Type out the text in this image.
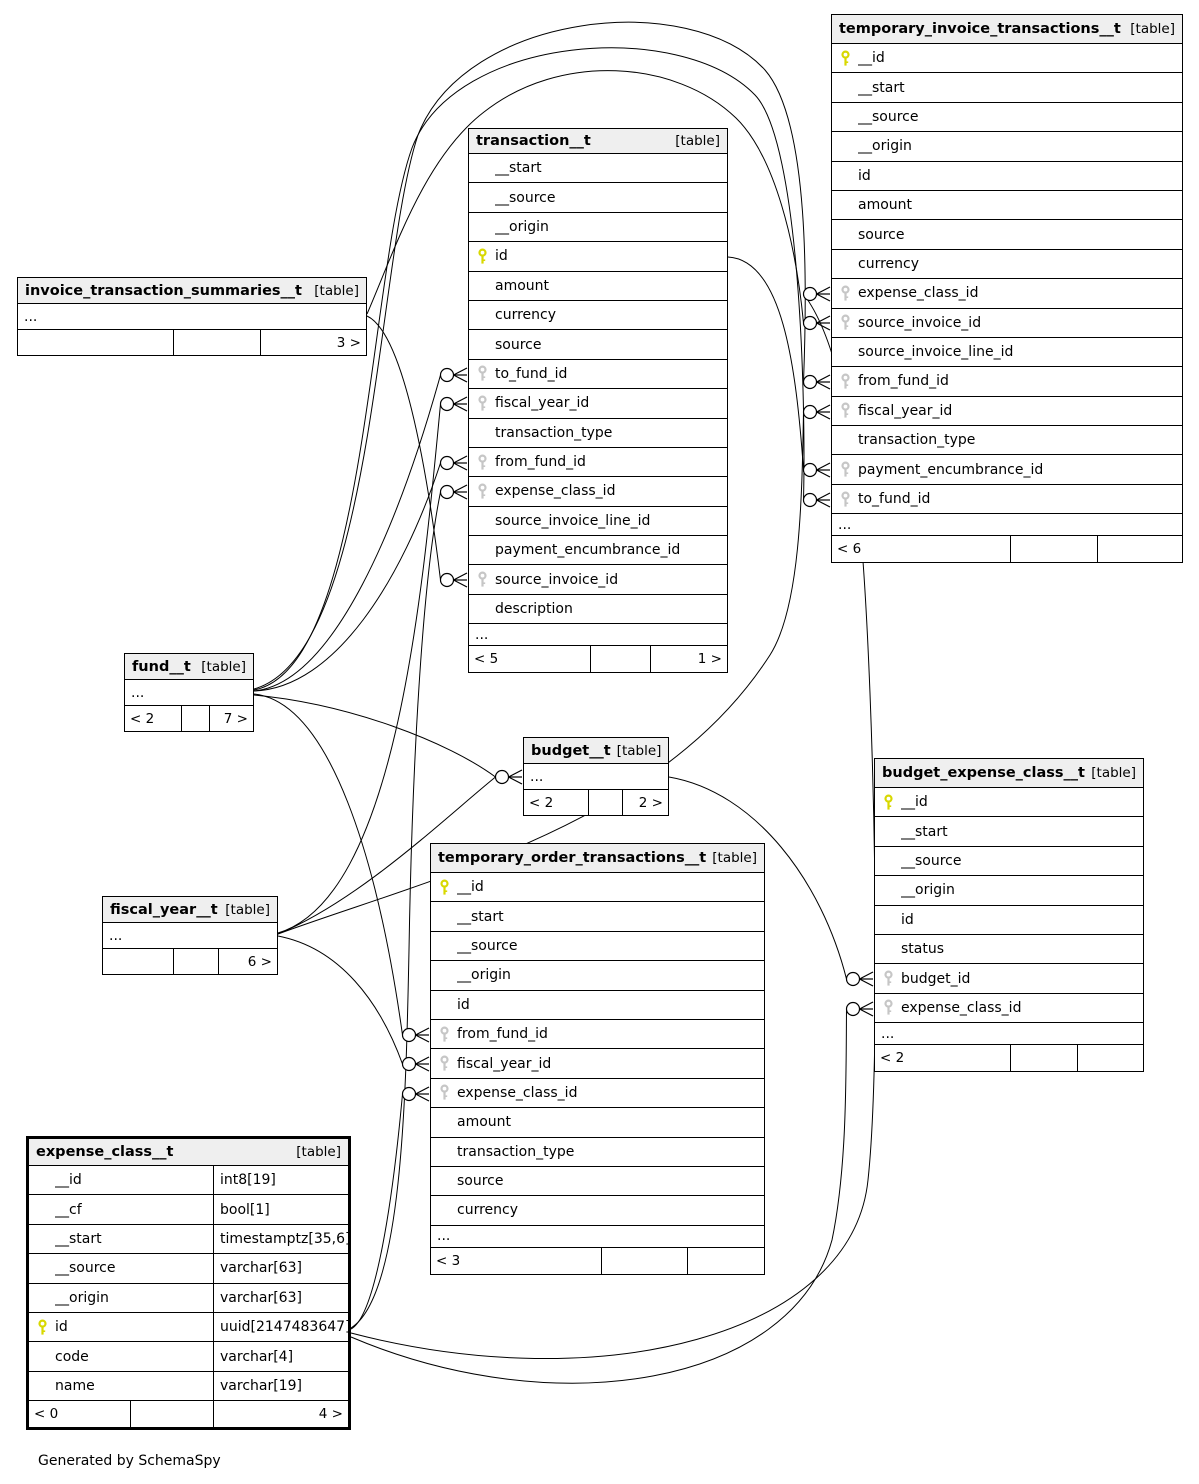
invoice_transaction_summaries__t [table]
...
3 >
temporary_invoice_transactions__t [table]
__id
__start
__source
__origin
id
amount
source
currency
expense_class_id
source_invoice_id
source_invoice_line_id
from_fund_id
fiscal_year_id
transaction_type
payment_encumbrance_id
to_fund_id
...
< 6
transaction__t	[table]
__start
__source
__origin
id
amount
currency
source
to_fund_id
fiscal_year_id
transaction_type
from_fund_id
expense_class_id
source_invoice_line_id
payment_encumbrance_id
source_invoice_id
description
...
< 5	1 >
fund__t [table]
...
< 2	7 >
budget__t [table]
...
< 2	2 >
fiscal_year__t [table]
...
6 >
temporary_order_transactions__t [table]
__id
__start
__source
__origin
id
from_fund_id
fiscal_year_id
expense_class_id
amount
transaction_type
source
currency
...
< 3
budget_expense_class__t [table]
__id
__start
__source
__origin
id
status
budget_id
expense_class_id
...
< 2
expense_class__t	[table]
__id	int8[19]
__cf	bool[1]
__start	timestamptz[35,6]
__source	varchar[63]
__origin	varchar[63]
id	uuid[2147483647]
code	varchar[4]
name	varchar[19]
< 0	4 >
Generated by SchemaSpy
